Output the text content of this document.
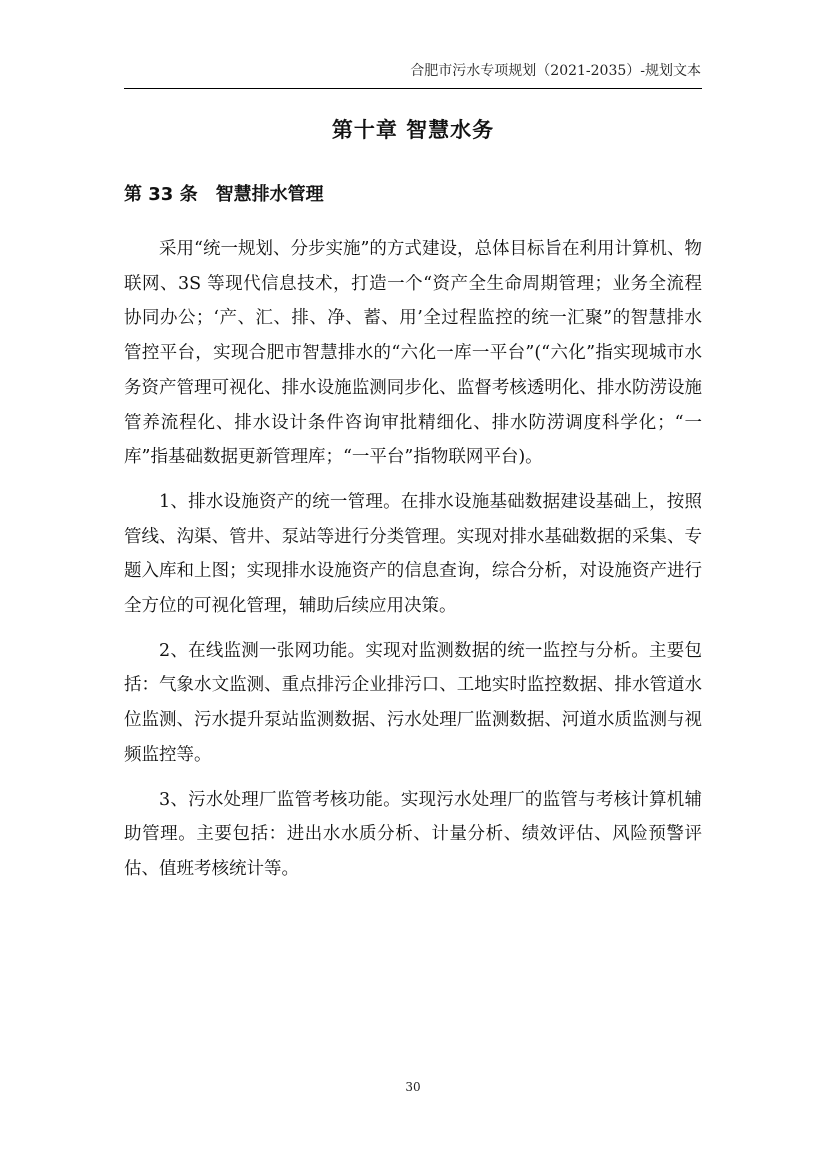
合肥市污水专项规划（2021-2035）-规划文本
第十章 智慧水务
第 33 条 智慧排水管理

采用“统一规划、分步实施”的方式建设，总体目标旨在利用计算机、物联网、3S 等现代信息技术，打造一个“资产全生命周期管理；业务全流程协同办公；‘产、汇、排、净、蓄、用’全过程监控的统一汇聚”的智慧排水管控平台，实现合肥市智慧排水的“六化一库一平台”(“六化”指实现城市水务资产管理可视化、排水设施监测同步化、监督考核透明化、排水防涝设施管养流程化、排水设计条件咨询审批精细化、排水防涝调度科学化；“一库”指基础数据更新管理库；“一平台”指物联网平台)。

1、排水设施资产的统一管理。在排水设施基础数据建设基础上，按照管线、沟渠、管井、泵站等进行分类管理。实现对排水基础数据的采集、专题入库和上图；实现排水设施资产的信息查询，综合分析，对设施资产进行全方位的可视化管理，辅助后续应用决策。

2、在线监测一张网功能。实现对监测数据的统一监控与分析。主要包括：气象水文监测、重点排污企业排污口、工地实时监控数据、排水管道水位监测、污水提升泵站监测数据、污水处理厂监测数据、河道水质监测与视频监控等。

3、污水处理厂监管考核功能。实现污水处理厂的监管与考核计算机辅助管理。主要包括：进出水水质分析、计量分析、绩效评估、风险预警评估、值班考核统计等。

30
